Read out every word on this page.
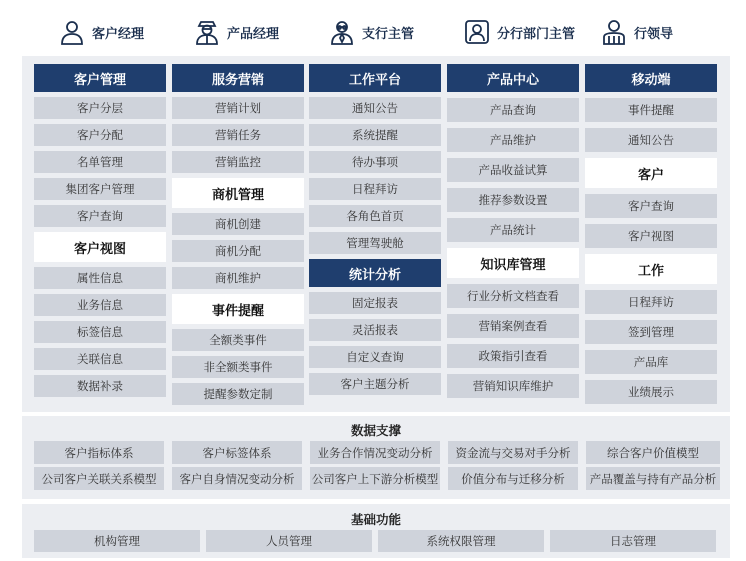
客户经理	产品经理	支行主管	分行部门主管	行领导
客户管理
客户分层
客户分配
名单管理
集团客户管理
客户查询
客户视图
属性信息
业务信息
标签信息
关联信息
数据补录
服务营销
营销计划
营销任务
营销监控
商机管理
商机创建
商机分配
商机维护
事件提醒
全额类事件
非全额类事件
提醒参数定制
工作平台
通知公告
系统提醒
待办事项
日程拜访
各角色首页
管理驾驶舱
统计分析
固定报表
灵活报表
自定义查询
客户主题分析
产品中心
产品查询
产品维护
产品收益试算
推荐参数设置
产品统计
知识库管理
行业分析文档查看
营销案例查看
政策指引查看
营销知识库维护
移动端
事件提醒
通知公告
客户
客户查询
客户视图
工作
日程拜访
签到管理
产品库
业绩展示
数据支撑
客户指标体系	客户标签体系	业务合作情况变动分析	资金流与交易对手分析	综合客户价值模型
公司客户关联关系模型	客户自身情况变动分析	公司客户上下游分析模型	价值分布与迁移分析	产品覆盖与持有产品分析
基础功能
机构管理	人员管理	系统权限管理	日志管理
